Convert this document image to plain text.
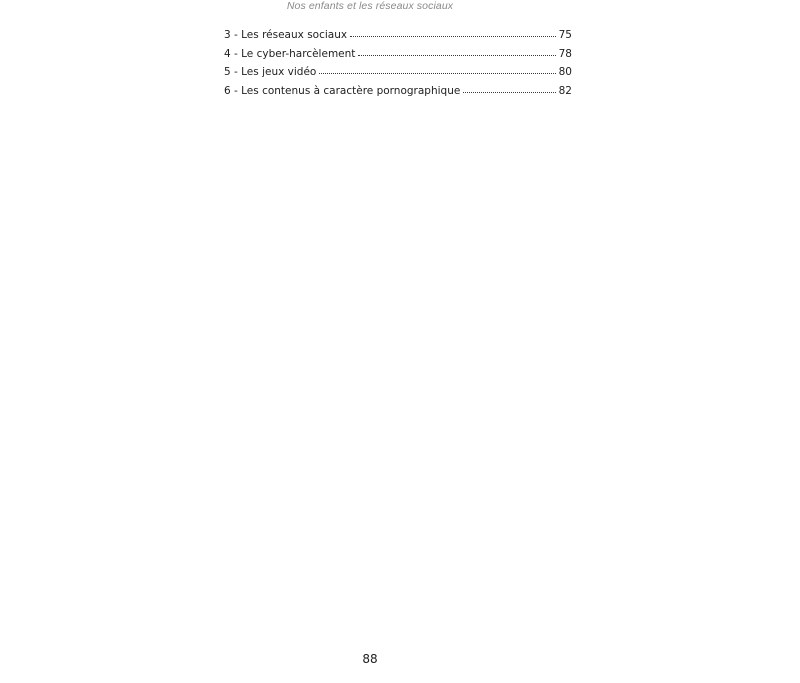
Nos enfants et les réseaux sociaux
3 - Les réseaux sociaux	75
4 - Le cyber-harcèlement	78
5 - Les jeux vidéo	80
6 - Les contenus à caractère pornographique	82
88
